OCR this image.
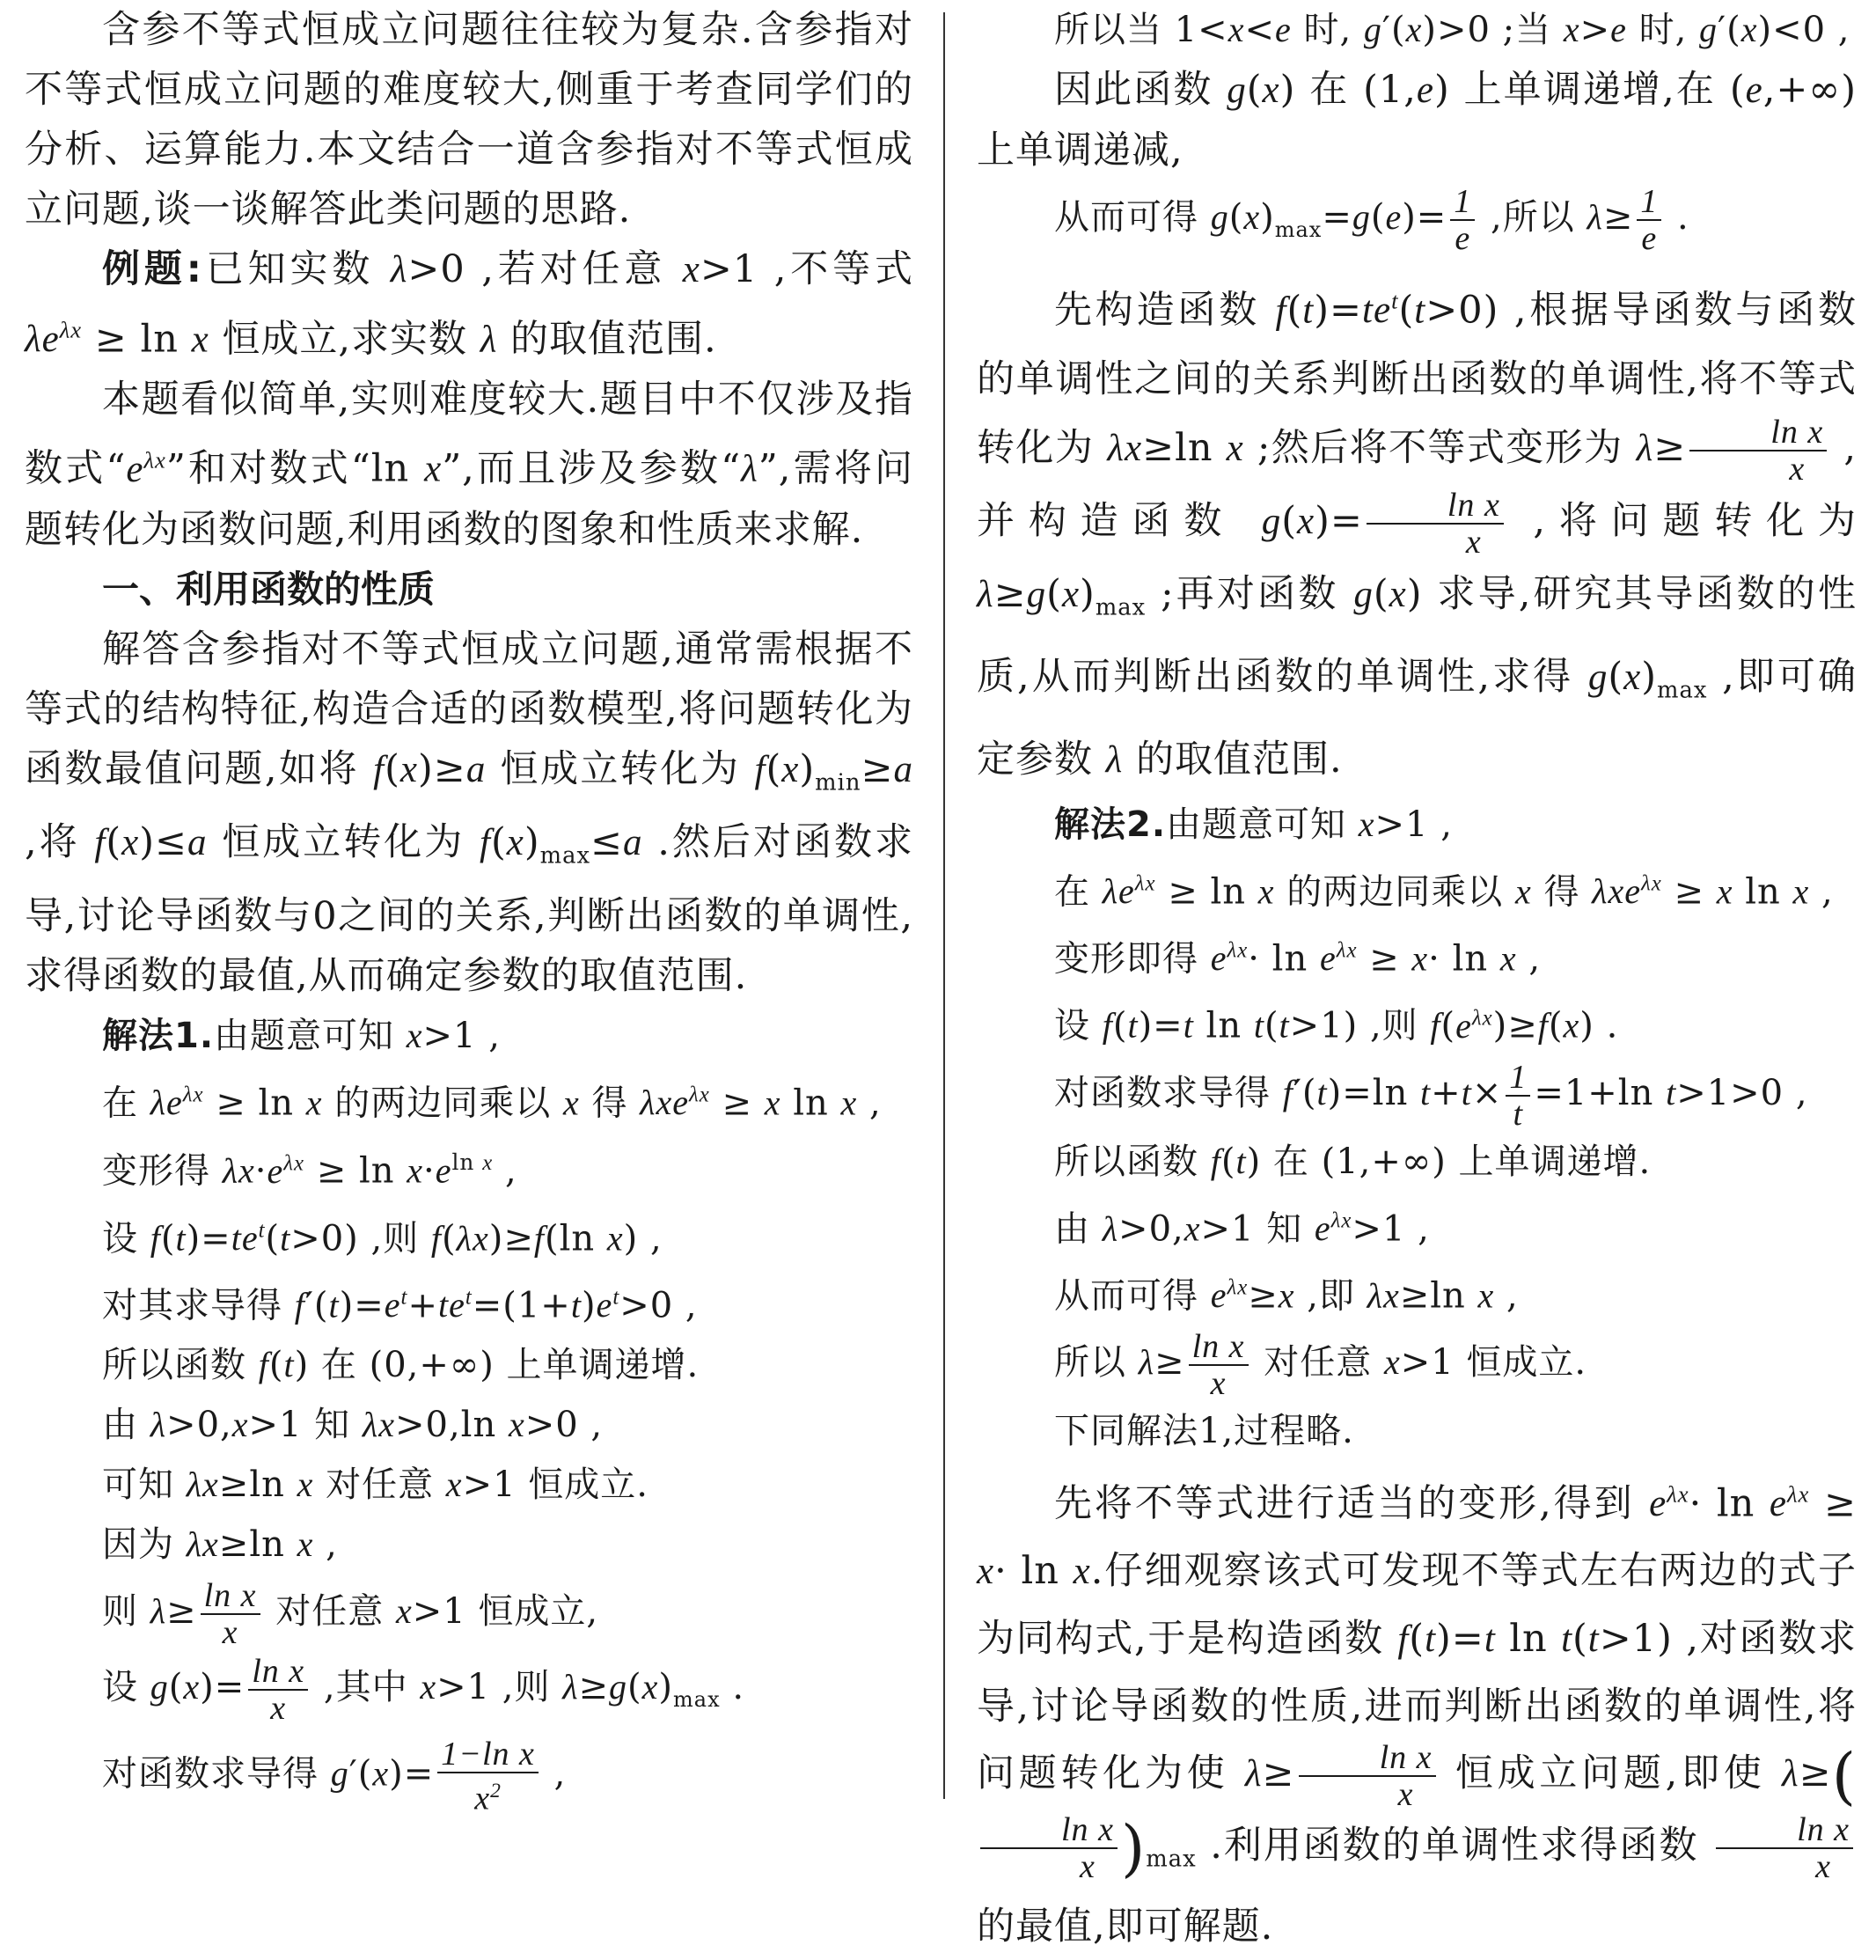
含参不等式恒成立问题往往较为复杂.含参指对不等式恒成立问题的难度较大,侧重于考查同学们的分析、运算能力.本文结合一道含参指对不等式恒成立问题,谈一谈解答此类问题的思路.

例题:已知实数 λ>0 ,若对任意 x>1 ,不等式 $\lambda e^{\lambda x} \ge \ln x$ 恒成立,求实数 λ 的取值范围.

本题看似简单,实则难度较大.题目中不仅涉及指数式“$e^{\lambda x}$”和对数式“ln x”,而且涉及参数“λ”,需将问题转化为函数问题,利用函数的图象和性质来求解.

一、利用函数的性质

解答含参指对不等式恒成立问题,通常需根据不等式的结构特征,构造合适的函数模型,将问题转化为函数最值问题,如将 f(x)≥a 恒成立转化为 $f(x)_{min}\ge a$ ,将 f(x)≤a 恒成立转化为 $f(x)_{max}\le a$ .然后对函数求导,讨论导函数与0之间的关系,判断出函数的单调性,求得函数的最值,从而确定参数的取值范围.

解法1.由题意可知 x>1 ,

在 $\lambda e^{\lambda x} \ge \ln x$ 的两边同乘以 x 得 λxe$^{\lambda x}$ ≥ x ln x ,

变形得 $\lambda x\cdot e^{\lambda x} \ge \ln x\cdot e^{ln x}$ ,

设 $f(t)=te^t(t>0)$ ,则 f(λx)≥f(ln x) ,

对其求导得 $f'(t)=e^t+te^t=(1+t)e^t>0$ ,

所以函数 f(t) 在 (0,+∞) 上单调递增.

由 λ>0,x>1 知 λx>0,ln x>0 ,

可知 λx≥ln x 对任意 x>1 恒成立.

因为 λx≥ln x ,

则 $\lambda\ge \frac{\text{ln x}}{x}$ 对任意 x>1 恒成立,

设 $g(x)= \frac{\text{ln x}}{x}$ ,其中 x>1 ,则 $\lambda\ge g(x)_{max}$ .

对函数求导得 $g'(x)= \frac{\text{1−ln x}}{x^2}$ ,

所以当 1<x<e 时, g′(x)>0 ;当 x>e 时, g′(x)<0 ,

因此函数 g(x) 在 (1,e) 上单调递增,在 (e,+∞) 上单调递减,

从而可得 $g(x)_{max}=g(e)= \frac{1}{e}$ ,所以 $\lambda\ge \frac{1}{e}$ .

先构造函数 $f(t)=te^t(t>0)$ ,根据导函数与函数的单调性之间的关系判断出函数的单调性,将不等式转化为 λx≥ln x ;然后将不等式变形为 $\lambda\ge \frac{\text{ln x}}{x}$ ,并构造函数 $g(x)= \frac{\text{ln x}}{x}$ ,将问题转化为 $\lambda\ge g(x)_{max}$ ;再对函数 g(x) 求导,研究其导函数的性质,从而判断出函数的单调性,求得 $g(x)_{max}$ ,即可确定参数 λ 的取值范围.

解法2.由题意可知 x>1 ,

在 $\lambda e^{\lambda x} \ge \ln x$ 的两边同乘以 x 得 λxe$^{\lambda x}$ ≥ x ln x ,

变形即得 $e^{\lambda x}\cdot \ln e^{\lambda x} \ge x\cdot \ln x$ ,

设 f(t)=t ln t(t>1) ,则 $f(e^{\lambda x})\ge f(x)$ .

对函数求导得 f′(t)=ln $t+t\times \frac{1}{t} =1+\ln$ t>1>0 ,

所以函数 f(t) 在 (1,+∞) 上单调递增.

由 λ>0,x>1 知 $e^{\lambda x}>1$ ,

从而可得 $e^{\lambda x}\ge x$ ,即 λx≥ln x ,

所以 $\lambda\ge \frac{\text{ln x}}{x}$ 对任意 x>1 恒成立.

下同解法1,过程略.

先将不等式进行适当的变形,得到 $e^{\lambda x}\cdot \ln e^{\lambda x} \ge x\cdot \ln x$.仔细观察该式可发现不等式左右两边的式子为同构式,于是构造函数 f(t)=t ln t(t>1) ,对函数求导,讨论导函数的性质,进而判断出函数的单调性,将问题转化为使 $\lambda\ge \frac{\text{ln x}}{x}$ 恒成立问题,即使 λ≥(
$\frac{\text{ln x}}{x} )_{max}$ .利用函数的单调性求得函数 $\frac{\text{ln x}}{x}$
的最值,即可解题.
